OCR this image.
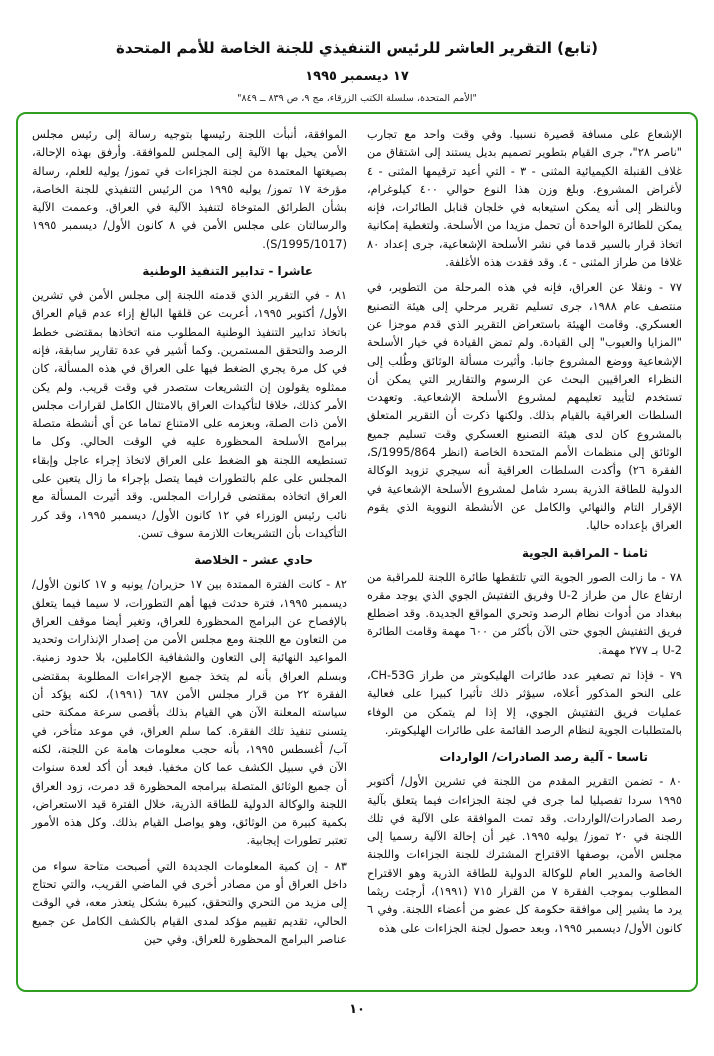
(تابع) التقرير العاشر للرئيس التنفيذي للجنة الخاصة للأمم المتحدة
١٧ ديسمبر ١٩٩٥
"الأمم المتحدة، سلسلة الكتب الزرقاء، مج ٩، ص ٨٣٩ ــ ٨٤٩"

الإشعاع على مسافة قصيرة نسبيا. وفي وقت واحد مع تجارب "ناصر ٢٨"، جرى القيام بتطوير تصميم بديل يستند إلى اشتقاق من غلاف القنبلة الكيميائية المثنى - ٣ - التي أعيد ترقيمها المثنى - ٤ لأغراض المشروع. وبلغ وزن هذا النوع حوالي ٤٠٠ كيلوغرام، وبالنظر إلى أنه يمكن استيعابه في خلجان قنابل الطائرات، فإنه يمكن للطائرة الواحدة أن تحمل مزيدا من الأسلحة. ولتغطية إمكانية اتخاذ قرار بالسير قدما في نشر الأسلحة الإشعاعية، جرى إعداد ٨٠ غلافا من طراز المثنى - ٤. وقد فقدت هذه الأغلفة.

٧٧ - ونقلا عن العراق، فإنه في هذه المرحلة من التطوير، في منتصف عام ١٩٨٨، جرى تسليم تقرير مرحلي إلى هيئة التصنيع العسكري. وقامت الهيئة باستعراض التقرير الذي قدم موجزا عن "المزايا والعيوب" إلى القيادة. ولم تمض القيادة في خيار الأسلحة الإشعاعية ووضع المشروع جانبا. وأثيرت مسألة الوثائق وطُلب إلى النظراء العراقيين البحث عن الرسوم والتقارير التي يمكن أن تستخدم لتأييد تعليمهم لمشروع الأسلحة الإشعاعية. وتعهدت السلطات العراقية بالقيام بذلك. ولكنها ذكرت أن التقرير المتعلق بالمشروع كان لدى هيئة التصنيع العسكري وقت تسليم جميع الوثائق إلى منظمات الأمم المتحدة الخاصة (انظر S/1995/864، الفقرة ٢٦) وأكدت السلطات العراقية أنه سيجري تزويد الوكالة الدولية للطاقة الذرية بسرد شامل لمشروع الأسلحة الإشعاعية في الإقرار التام والنهائي والكامل عن الأنشطة النووية الذي يقوم العراق بإعداده حاليا.

ثامنا - المراقبة الجوية

٧٨ - ما زالت الصور الجوية التي تلتقطها طائرة اللجنة للمراقبة من ارتفاع عال من طراز U-2 وفريق التفتيش الجوي الذي يوجد مقره ببغداد من أدوات نظام الرصد وتحري المواقع الجديدة. وقد اضطلع فريق التفتيش الجوي حتى الآن بأكثر من ٦٠٠ مهمة وقامت الطائرة U-2 بـ ٢٧٧ مهمة.

٧٩ - فإذا تم تصغير عدد طائرات الهليكوبتر من طراز CH-53G، على النحو المذكور أعلاه، سيؤثر ذلك تأثيرا كبيرا على فعالية عمليات فريق التفتيش الجوي، إلا إذا لم يتمكن من الوفاء بالمتطلبات الجوية لنظام الرصد القائمة على طائرات الهليكوبتر.

تاسعا - آلية رصد الصادرات/ الواردات

٨٠ - تضمن التقرير المقدم من اللجنة في تشرين الأول/ أكتوبر ١٩٩٥ سردا تفصيليا لما جرى في لجنة الجزاءات فيما يتعلق بآلية رصد الصادرات/الواردات. وقد تمت الموافقة على الآلية في تلك اللجنة في ٢٠ تموز/ يوليه ١٩٩٥. غير أن إحالة الآلية رسميا إلى مجلس الأمن، بوصفها الاقتراح المشترك للجنة الجزاءات واللجنة الخاصة والمدير العام للوكالة الدولية للطاقة الذرية وهو الاقتراح المطلوب بموجب الفقرة ٧ من القرار ٧١٥ (١٩٩١)، أرجئت ريثما يرد ما يشير إلى موافقة حكومة كل عضو من أعضاء اللجنة. وفي ٦ كانون الأول/ ديسمبر ١٩٩٥، وبعد حصول لجنة الجزاءات على هذه

الموافقة، أنبأت اللجنة رئيسها بتوجيه رسالة إلى رئيس مجلس الأمن يحيل بها الآلية إلى المجلس للموافقة. وأرفق بهذه الإحالة، بصيغتها المعتمدة من لجنة الجزاءات في تموز/ يوليه للعلم، رسالة مؤرخة ١٧ تموز/ يوليه ١٩٩٥ من الرئيس التنفيذي للجنة الخاصة، بشأن الطرائق المتوخاة لتنفيذ الآلية في العراق. وعممت الآلية والرسالتان على مجلس الأمن في ٨ كانون الأول/ ديسمبر ١٩٩٥ (S/1995/1017).

عاشرا - تدابير التنفيذ الوطنية

٨١ - في التقرير الذي قدمته اللجنة إلى مجلس الأمن في تشرين الأول/ أكتوبر ١٩٩٥، أعربت عن قلقها البالغ إزاء عدم قيام العراق باتخاذ تدابير التنفيذ الوطنية المطلوب منه اتخاذها بمقتضى خطط الرصد والتحقق المستمرين. وكما أشير في عدة تقارير سابقة، فإنه في كل مرة يجري الضغط فيها على العراق في هذه المسألة، كان ممثلوه يقولون إن التشريعات ستصدر في وقت قريب. ولم يكن الأمر كذلك، خلافا لتأكيدات العراق بالامتثال الكامل لقرارات مجلس الأمن ذات الصلة، وبعزمه على الامتناع تماما عن أي أنشطة متصلة ببرامج الأسلحة المحظورة عليه في الوقت الحالي. وكل ما تستطيعه اللجنة هو الضغط على العراق لاتخاذ إجراء عاجل وإبقاء المجلس على علم بالتطورات فيما يتصل بإجراء ما زال يتعين على العراق اتخاذه بمقتضى قرارات المجلس. وقد أثيرت المسألة مع نائب رئيس الوزراء في ١٢ كانون الأول/ ديسمبر ١٩٩٥، وقد كرر التأكيدات بأن التشريعات اللازمة سوف تسن.

حادي عشر - الخلاصة

٨٢ - كانت الفترة الممتدة بين ١٧ حزيران/ يونيه و ١٧ كانون الأول/ ديسمبر ١٩٩٥، فترة حدثت فيها أهم التطورات، لا سيما فيما يتعلق بالإفصاح عن البرامج المحظورة للعراق، وتغير أيضا موقف العراق من التعاون مع اللجنة ومع مجلس الأمن من إصدار الإنذارات وتحديد المواعيد النهائية إلى التعاون والشفافية الكاملين، بلا حدود زمنية. وبسلم العراق بأنه لم يتخذ جميع الإجراءات المطلوبة بمقتضى الفقرة ٢٢ من قرار مجلس الأمن ٦٨٧ (١٩٩١)، لكنه يؤكد أن سياسته المعلنة الآن هي القيام بذلك بأقصى سرعة ممكنة حتى يتسنى تنفيذ تلك الفقرة. كما سلم العراق، في موعد متأخر، في آب/ أغسطس ١٩٩٥، بأنه حجب معلومات هامة عن اللجنة، لكنه الآن في سبيل الكشف عما كان مخفيا. فبعد أن أكد لعدة سنوات أن جميع الوثائق المتصلة ببرامجه المحظورة قد دمرت، زود العراق اللجنة والوكالة الدولية للطاقة الذرية، خلال الفترة قيد الاستعراض، بكمية كبيرة من الوثائق، وهو يواصل القيام بذلك. وكل هذه الأمور تعتبر تطورات إيجابية.

٨٣ - إن كمية المعلومات الجديدة التي أصبحت متاحة سواء من داخل العراق أو من مصادر أخرى في الماضي القريب، والتي تحتاج إلى مزيد من التحري والتحقق، كبيرة بشكل يتعذر معه، في الوقت الحالي، تقديم تقييم مؤكد لمدى القيام بالكشف الكامل عن جميع عناصر البرامج المحظورة للعراق. وفي حين

١٠
